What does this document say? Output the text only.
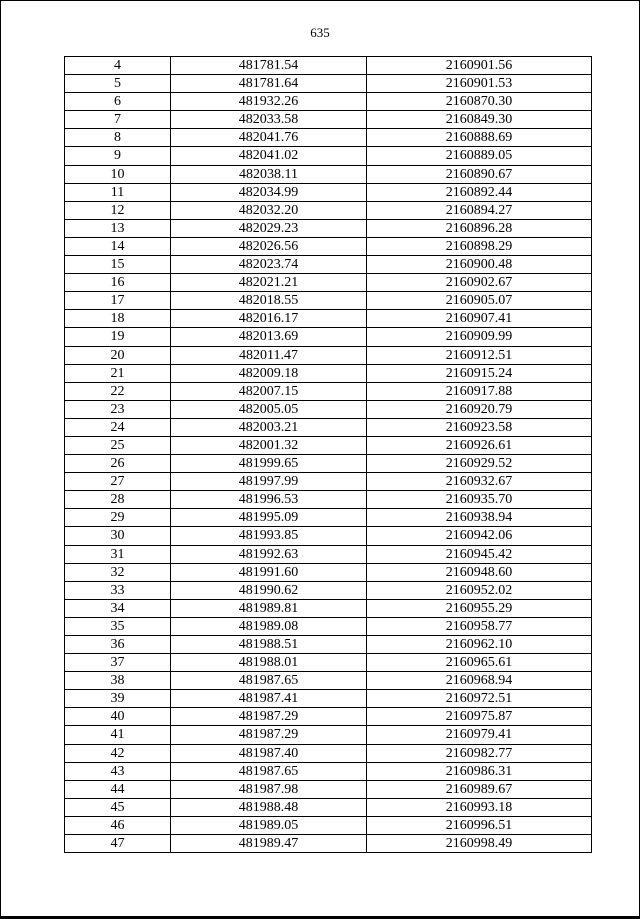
635
4	481781.54	2160901.56
5	481781.64	2160901.53
6	481932.26	2160870.30
7	482033.58	2160849.30
8	482041.76	2160888.69
9	482041.02	2160889.05
10	482038.11	2160890.67
11	482034.99	2160892.44
12	482032.20	2160894.27
13	482029.23	2160896.28
14	482026.56	2160898.29
15	482023.74	2160900.48
16	482021.21	2160902.67
17	482018.55	2160905.07
18	482016.17	2160907.41
19	482013.69	2160909.99
20	482011.47	2160912.51
21	482009.18	2160915.24
22	482007.15	2160917.88
23	482005.05	2160920.79
24	482003.21	2160923.58
25	482001.32	2160926.61
26	481999.65	2160929.52
27	481997.99	2160932.67
28	481996.53	2160935.70
29	481995.09	2160938.94
30	481993.85	2160942.06
31	481992.63	2160945.42
32	481991.60	2160948.60
33	481990.62	2160952.02
34	481989.81	2160955.29
35	481989.08	2160958.77
36	481988.51	2160962.10
37	481988.01	2160965.61
38	481987.65	2160968.94
39	481987.41	2160972.51
40	481987.29	2160975.87
41	481987.29	2160979.41
42	481987.40	2160982.77
43	481987.65	2160986.31
44	481987.98	2160989.67
45	481988.48	2160993.18
46	481989.05	2160996.51
47	481989.47	2160998.49
